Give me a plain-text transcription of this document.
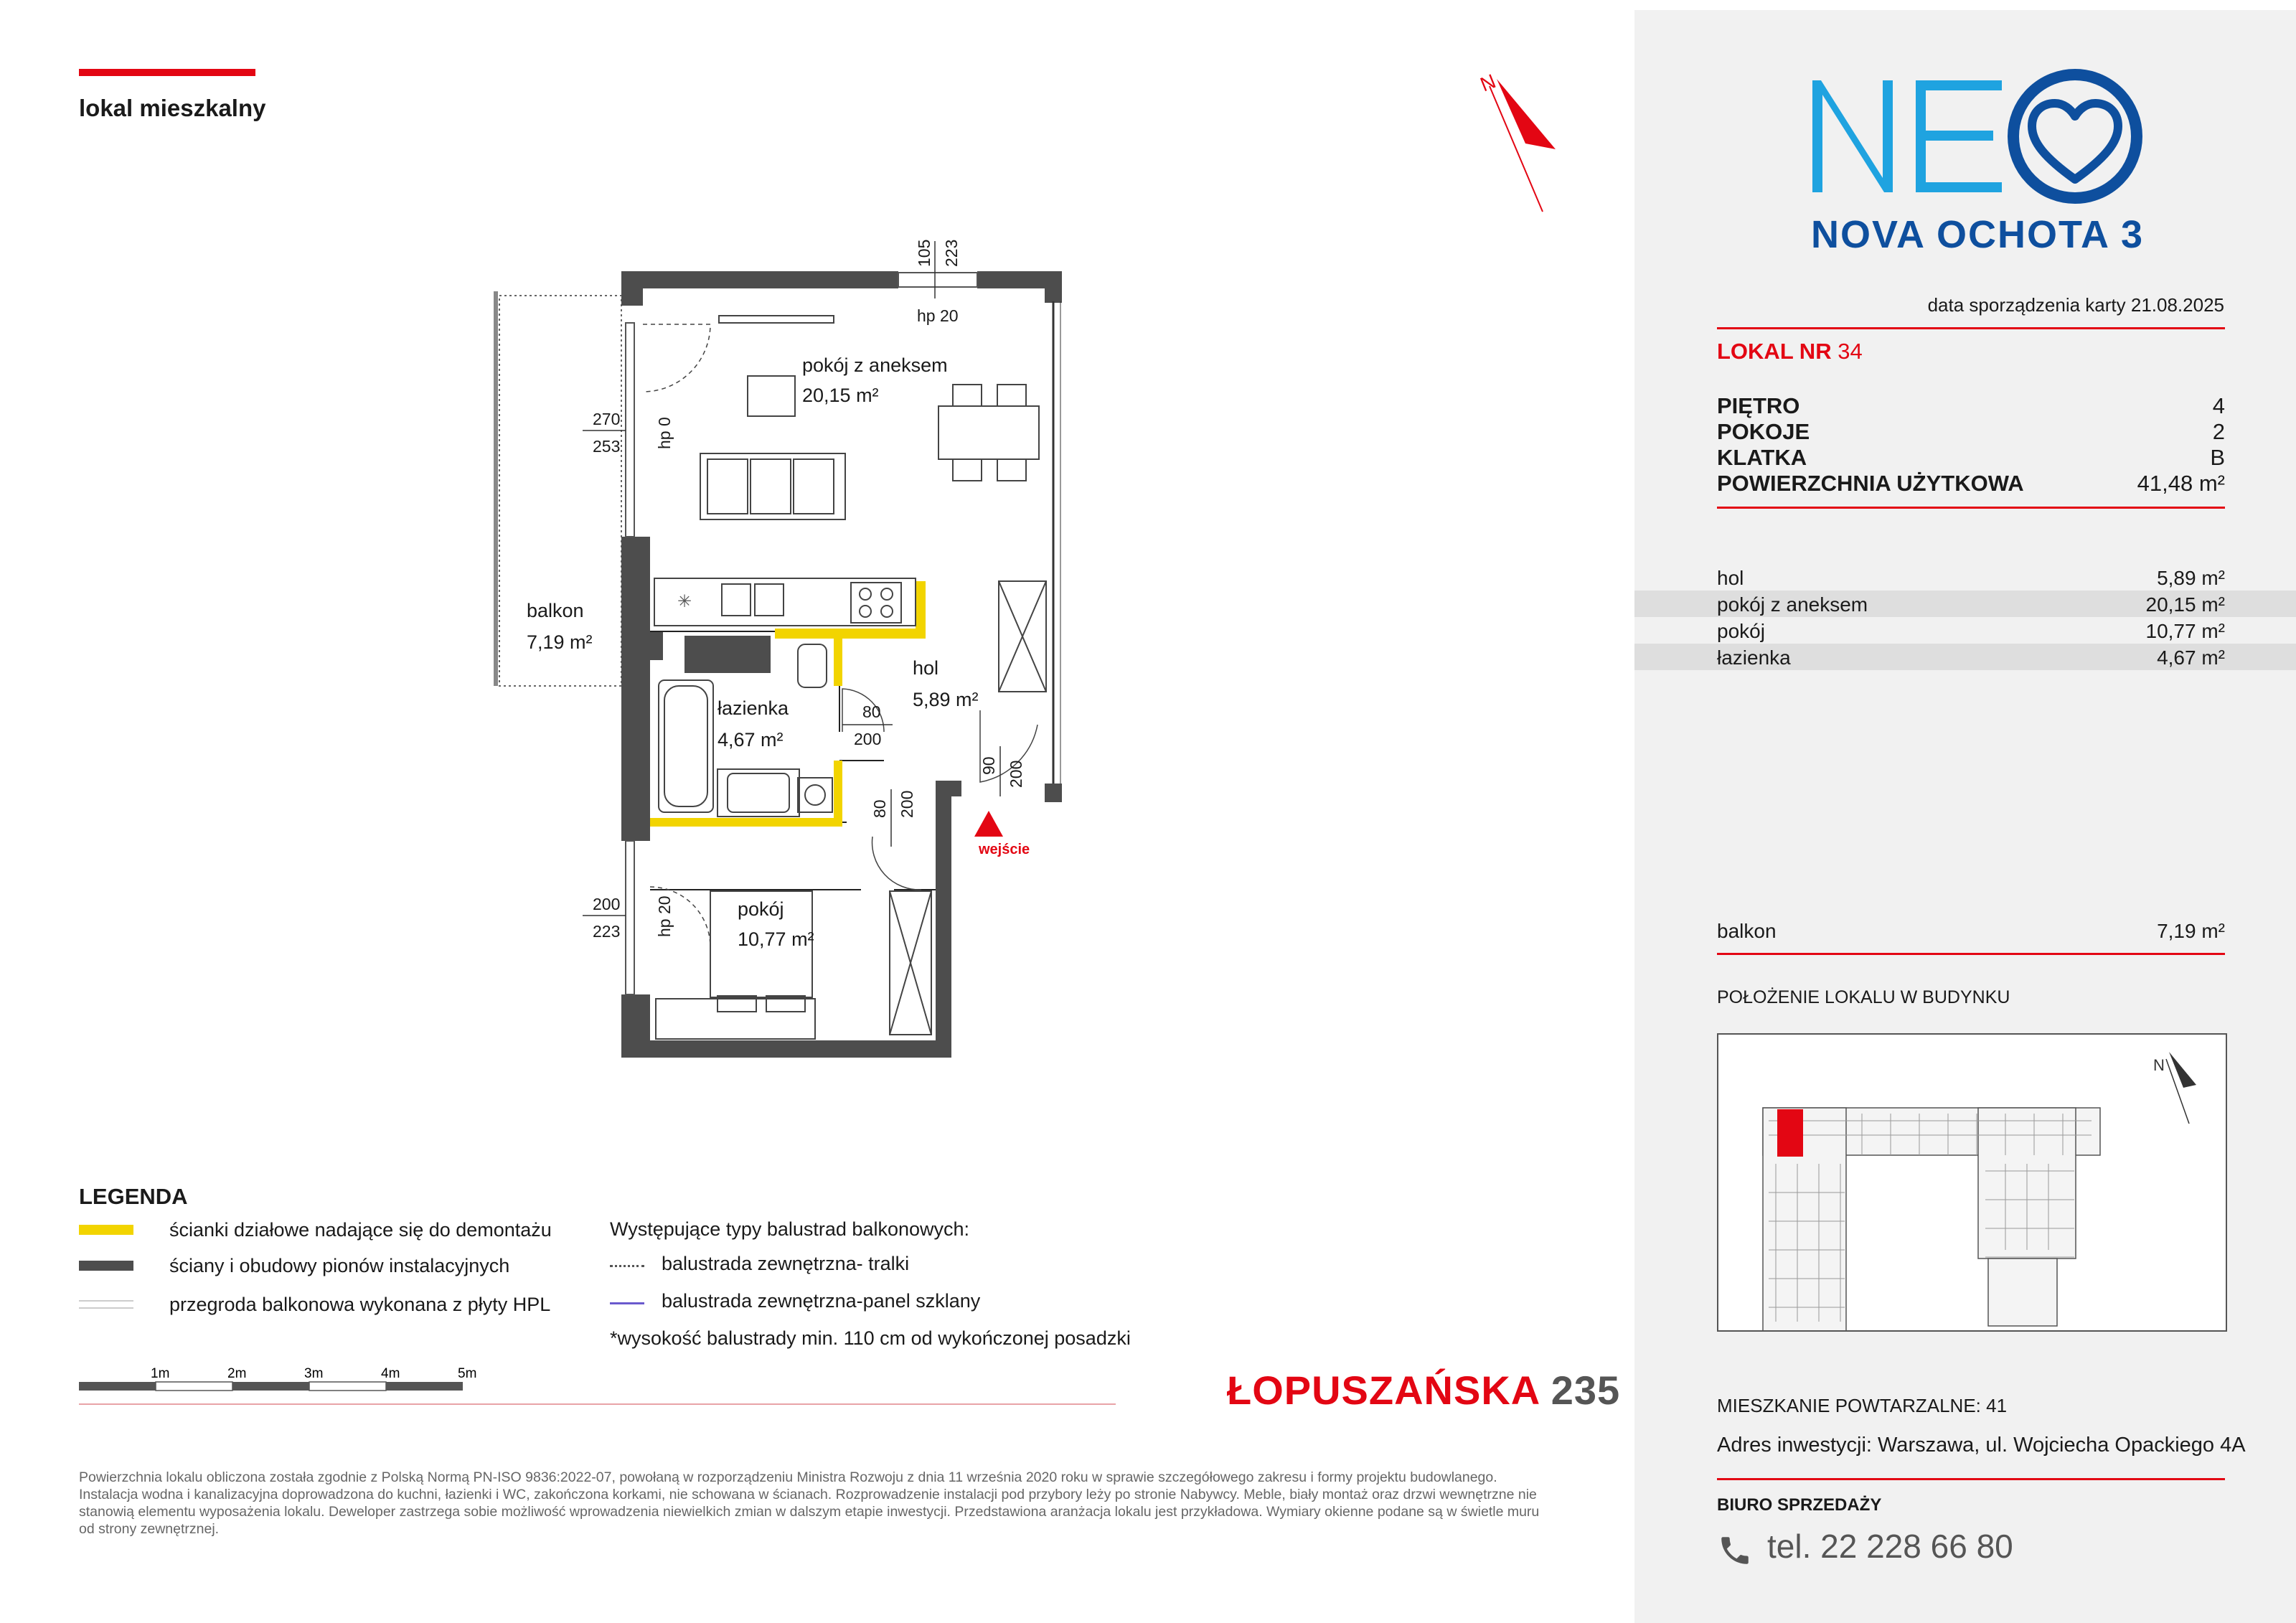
lokal mieszkalny
N
✳
wejście
pokój z aneksem
20,15 m²
hol
5,89 m²
łazienka
4,67 m²
pokój
10,77 m²
balkon
7,19 m²
105 223
hp 20
270
253 hp 0
80
200
90 200
80 200
200
223 hp 20
LEGENDA
ścianki działowe nadające się do demontażu
ściany i obudowy pionów instalacyjnych
przegroda balkonowa wykonana z płyty HPL
Występujące typy balustrad balkonowych:
balustrada zewnętrzna- tralki
balustrada zewnętrzna-panel szklany
*wysokość balustrady min. 110 cm od wykończonej posadzki
1m	2m	3m	4m	5m	ŁOPUSZAŃSKA 235
Powierzchnia lokalu obliczona została zgodnie z Polską Normą PN-ISO 9836:2022-07, powołaną w rozporządzeniu Ministra Rozwoju z dnia 11 września 2020 roku w sprawie szczegółowego zakresu i formy projektu budowlanego. Instalacja wodna i kanalizacyjna doprowadzona do kuchni, łazienki i WC, zakończona korkami, nie schowana w ścianach. Rozprowadzenie instalacji pod przybory leży po stronie Nabywcy. Meble, biały montaż oraz drzwi wewnętrzne nie stanowią elementu wyposażenia lokalu. Deweloper zastrzega sobie możliwość wprowadzenia niewielkich zmian w dalszym etapie inwestycji. Przedstawiona aranżacja lokalu jest przykładowa. Wymiary okienne podane są w świetle muru od strony zewnętrznej.
NOVA OCHOTA 3
data sporządzenia karty 21.08.2025
LOKAL NR 34
PIĘTRO	4
POKOJE	2
KLATKA	B
POWIERZCHNIA UŻYTKOWA	41,48 m²
hol	5,89 m²
pokój z aneksem	20,15 m²
pokój	10,77 m²
łazienka	4,67 m²
balkon	7,19 m²
POŁOŻENIE LOKALU W BUDYNKU
N
MIESZKANIE POWTARZALNE: 41
Adres inwestycji: Warszawa, ul. Wojciecha Opackiego 4A
BIURO SPRZEDAŻY
tel. 22 228 66 80
